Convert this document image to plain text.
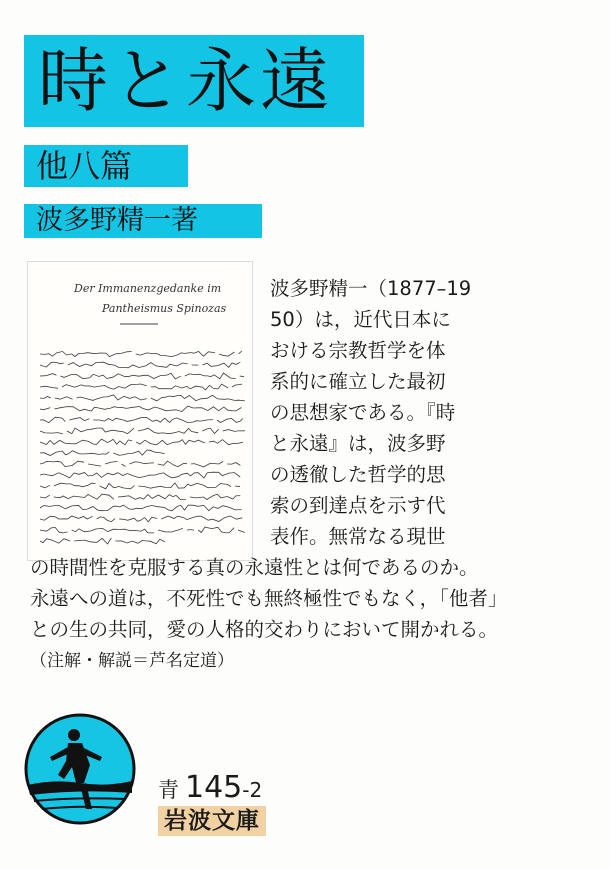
時と永遠
他八篇
波多野精一著
Der Immanenzgedanke im
Pantheismus Spinozas
波多野精一（1877–19
50）は，近代日本に
おける宗教哲学を体
系的に確立した最初
の思想家である。『時
と永遠』は，波多野
の透徹した哲学的思
索の到達点を示す代
表作。無常なる現世
の時間性を克服する真の永遠性とは何であるのか。
永遠への道は，不死性でも無終極性でもなく，「他者」
との生の共同，愛の人格的交わりにおいて開かれる。
（注解・解説＝芦名定道）
青 145-2
岩波文庫
